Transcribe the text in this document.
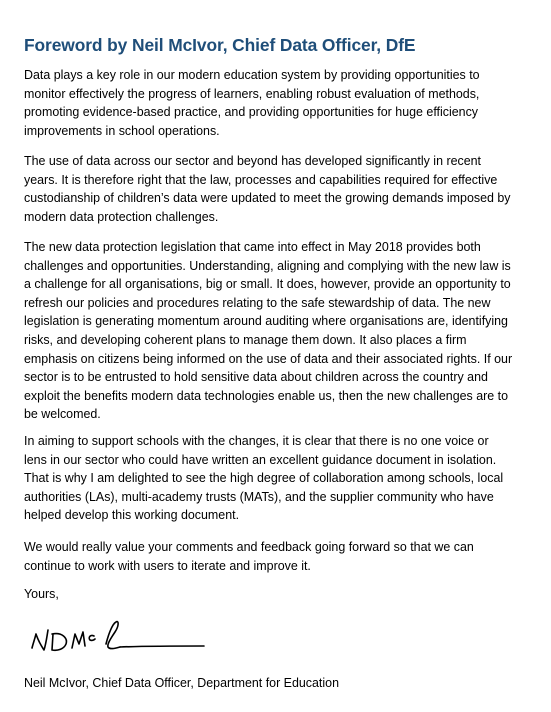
Foreword by Neil McIvor, Chief Data Officer, DfE

Data plays a key role in our modern education system by providing opportunities to
monitor effectively the progress of learners, enabling robust evaluation of methods,
promoting evidence-based practice, and providing opportunities for huge efficiency
improvements in school operations.

The use of data across our sector and beyond has developed significantly in recent
years. It is therefore right that the law, processes and capabilities required for effective
custodianship of children’s data were updated to meet the growing demands imposed by
modern data protection challenges.

The new data protection legislation that came into effect in May 2018 provides both
challenges and opportunities. Understanding, aligning and complying with the new law is
a challenge for all organisations, big or small. It does, however, provide an opportunity to
refresh our policies and procedures relating to the safe stewardship of data. The new
legislation is generating momentum around auditing where organisations are, identifying
risks, and developing coherent plans to manage them down. It also places a firm
emphasis on citizens being informed on the use of data and their associated rights. If our
sector is to be entrusted to hold sensitive data about children across the country and
exploit the benefits modern data technologies enable us, then the new challenges are to
be welcomed.

In aiming to support schools with the changes, it is clear that there is no one voice or
lens in our sector who could have written an excellent guidance document in isolation.
That is why I am delighted to see the high degree of collaboration among schools, local
authorities (LAs), multi-academy trusts (MATs), and the supplier community who have
helped develop this working document.

We would really value your comments and feedback going forward so that we can
continue to work with users to iterate and improve it.

Yours,
Neil McIvor, Chief Data Officer, Department for Education
